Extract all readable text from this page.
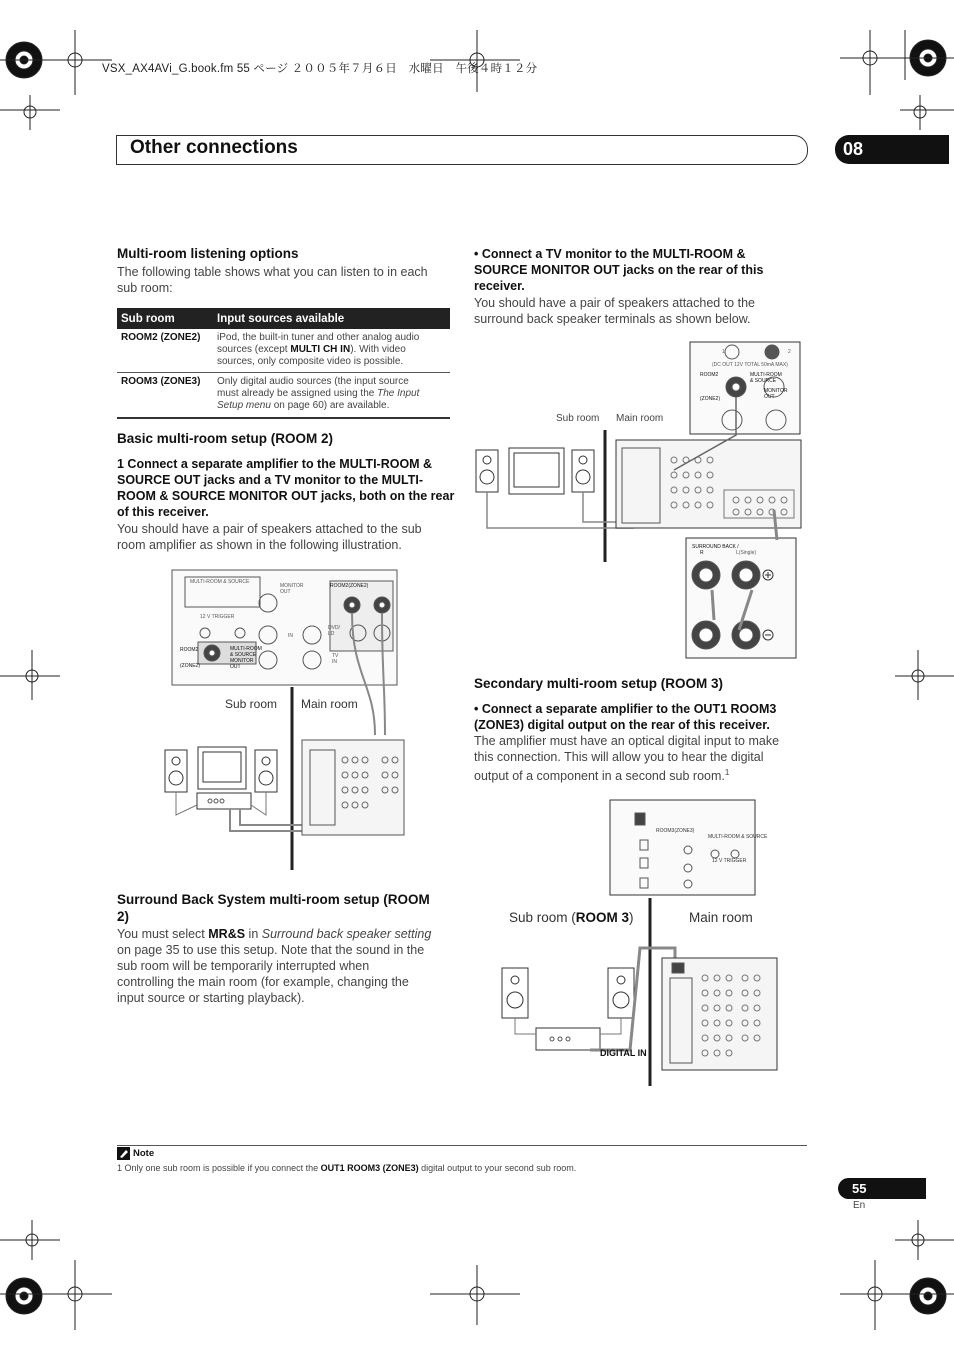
VSX_AX4AVi_G.book.fm 55 ページ ２００５年７月６日　水曜日　午後４時１２分
Other connections	08
Multi-room listening options
The following table shows what you can listen to in each
sub room:
Sub room	Input sources available
ROOM2 (ZONE2)	iPod, the built-in tuner and other analog audio
sources (except MULTI CH IN). With video
sources, only composite video is possible.
ROOM3 (ZONE3)	Only digital audio sources (the input source
must already be assigned using the The Input
Setup menu on page 60) are available.
Basic multi-room setup (ROOM 2)
1 Connect a separate amplifier to the MULTI-ROOM &
SOURCE OUT jacks and a TV monitor to the MULTI-
ROOM & SOURCE MONITOR OUT jacks, both on the rear
of this receiver.
You should have a pair of speakers attached to the sub
room amplifier as shown in the following illustration.
MULTI-ROOM & SOURCE
MONITOR
OUT
ROOM2(ZONE2)
ROOM2
(ZONE2)
MULTI-ROOM
& SOURCE
MONITOR
OUT
12 V TRIGGER
IN
DVD/
LD
TV
IN
Sub room Main room
Surround Back System multi-room setup (ROOM
2)
You must select MR&S in Surround back speaker setting
on page 35 to use this setup. Note that the sound in the
sub room will be temporarily interrupted when
controlling the main room (for example, changing the
input source or starting playback).
• Connect a TV monitor to the MULTI-ROOM &
SOURCE MONITOR OUT jacks on the rear of this
receiver.
You should have a pair of speakers attached to the
surround back speaker terminals as shown below.
(DC OUT 12V TOTAL 50mA MAX)
ROOM2
(ZONE2)
MULTI-ROOM
& SOURCE
MONITOR
OUT
1	2
SURROUND BACK /
R	L(Single)
Sub room Main room
Secondary multi-room setup (ROOM 3)
• Connect a separate amplifier to the OUT1 ROOM3
(ZONE3) digital output on the rear of this receiver.
The amplifier must have an optical digital input to make
this connection. This will allow you to hear the digital
output of a component in a second sub room.$^1$
ROOM3(ZONE3)
12 V TRIGGER
MULTI-ROOM & SOURCE
Sub room (ROOM 3)	Main room
DIGITAL IN
Note
1 Only one sub room is possible if you connect the OUT1 ROOM3 (ZONE3) digital output to your second sub room.
55
En
